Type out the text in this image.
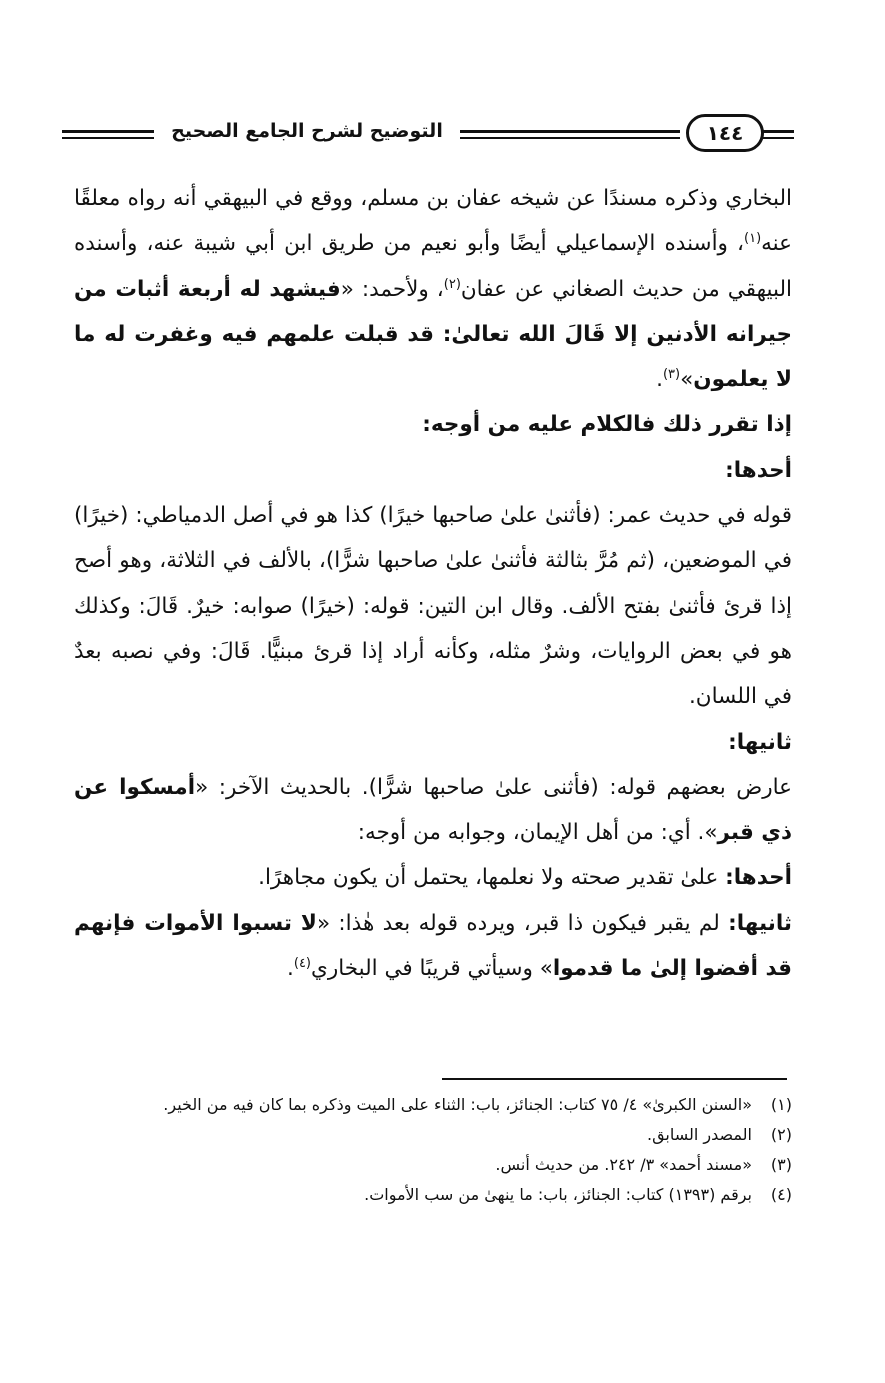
التوضيح لشرح الجامع الصحيح	١٤٤

البخاري وذكره مسندًا عن شيخه عفان بن مسلم، ووقع في البيهقي أنه رواه معلقًا عنه$^{(١)}$، وأسنده الإسماعيلي أيضًا وأبو نعيم من طريق ابن أبي شيبة عنه، وأسنده البيهقي من حديث الصغاني عن عفان$^{(٢)}$، ولأحمد: «فيشهد له أربعة أثبات من جيرانه الأدنين إلا قَالَ الله تعالىٰ: قد قبلت علمهم فيه وغفرت له ما لا يعلمون»$^{(٣)}$.

إذا تقرر ذلك فالكلام عليه من أوجه:

أحدها:

قوله في حديث عمر: (فأثنىٰ علىٰ صاحبها خيرًا) كذا هو في أصل الدمياطي: (خيرًا) في الموضعين، (ثم مُرَّ بثالثة فأثنىٰ علىٰ صاحبها شرًّا)، بالألف في الثلاثة، وهو أصح إذا قرئ فأثنىٰ بفتح الألف. وقال ابن التين: قوله: (خيرًا) صوابه: خيرٌ. قَالَ: وكذلك هو في بعض الروايات، وشرٌ مثله، وكأنه أراد إذا قرئ مبنيًّا. قَالَ: وفي نصبه بعدٌ في اللسان.

ثانيها:

عارض بعضهم قوله: (فأثنى علىٰ صاحبها شرًّا). بالحديث الآخر: «أمسكوا عن ذي قبر». أي: من أهل الإيمان، وجوابه من أوجه:

أحدها: علىٰ تقدير صحته ولا نعلمها، يحتمل أن يكون مجاهرًا.

ثانيها: لم يقبر فيكون ذا قبر، ويرده قوله بعد هٰذا: «لا تسبوا الأموات فإنهم قد أفضوا إلىٰ ما قدموا» وسيأتي قريبًا في البخاري$^{(٤)}$.

(١)
«السنن الكبرىٰ» ٤/ ٧٥ كتاب: الجنائز، باب: الثناء على الميت وذكره بما كان فيه من الخير.
(٢)
المصدر السابق.
(٣)
«مسند أحمد» ٣/ ٢٤٢. من حديث أنس.
(٤)
برقم (١٣٩٣) كتاب: الجنائز، باب: ما ينهىٰ من سب الأموات.
